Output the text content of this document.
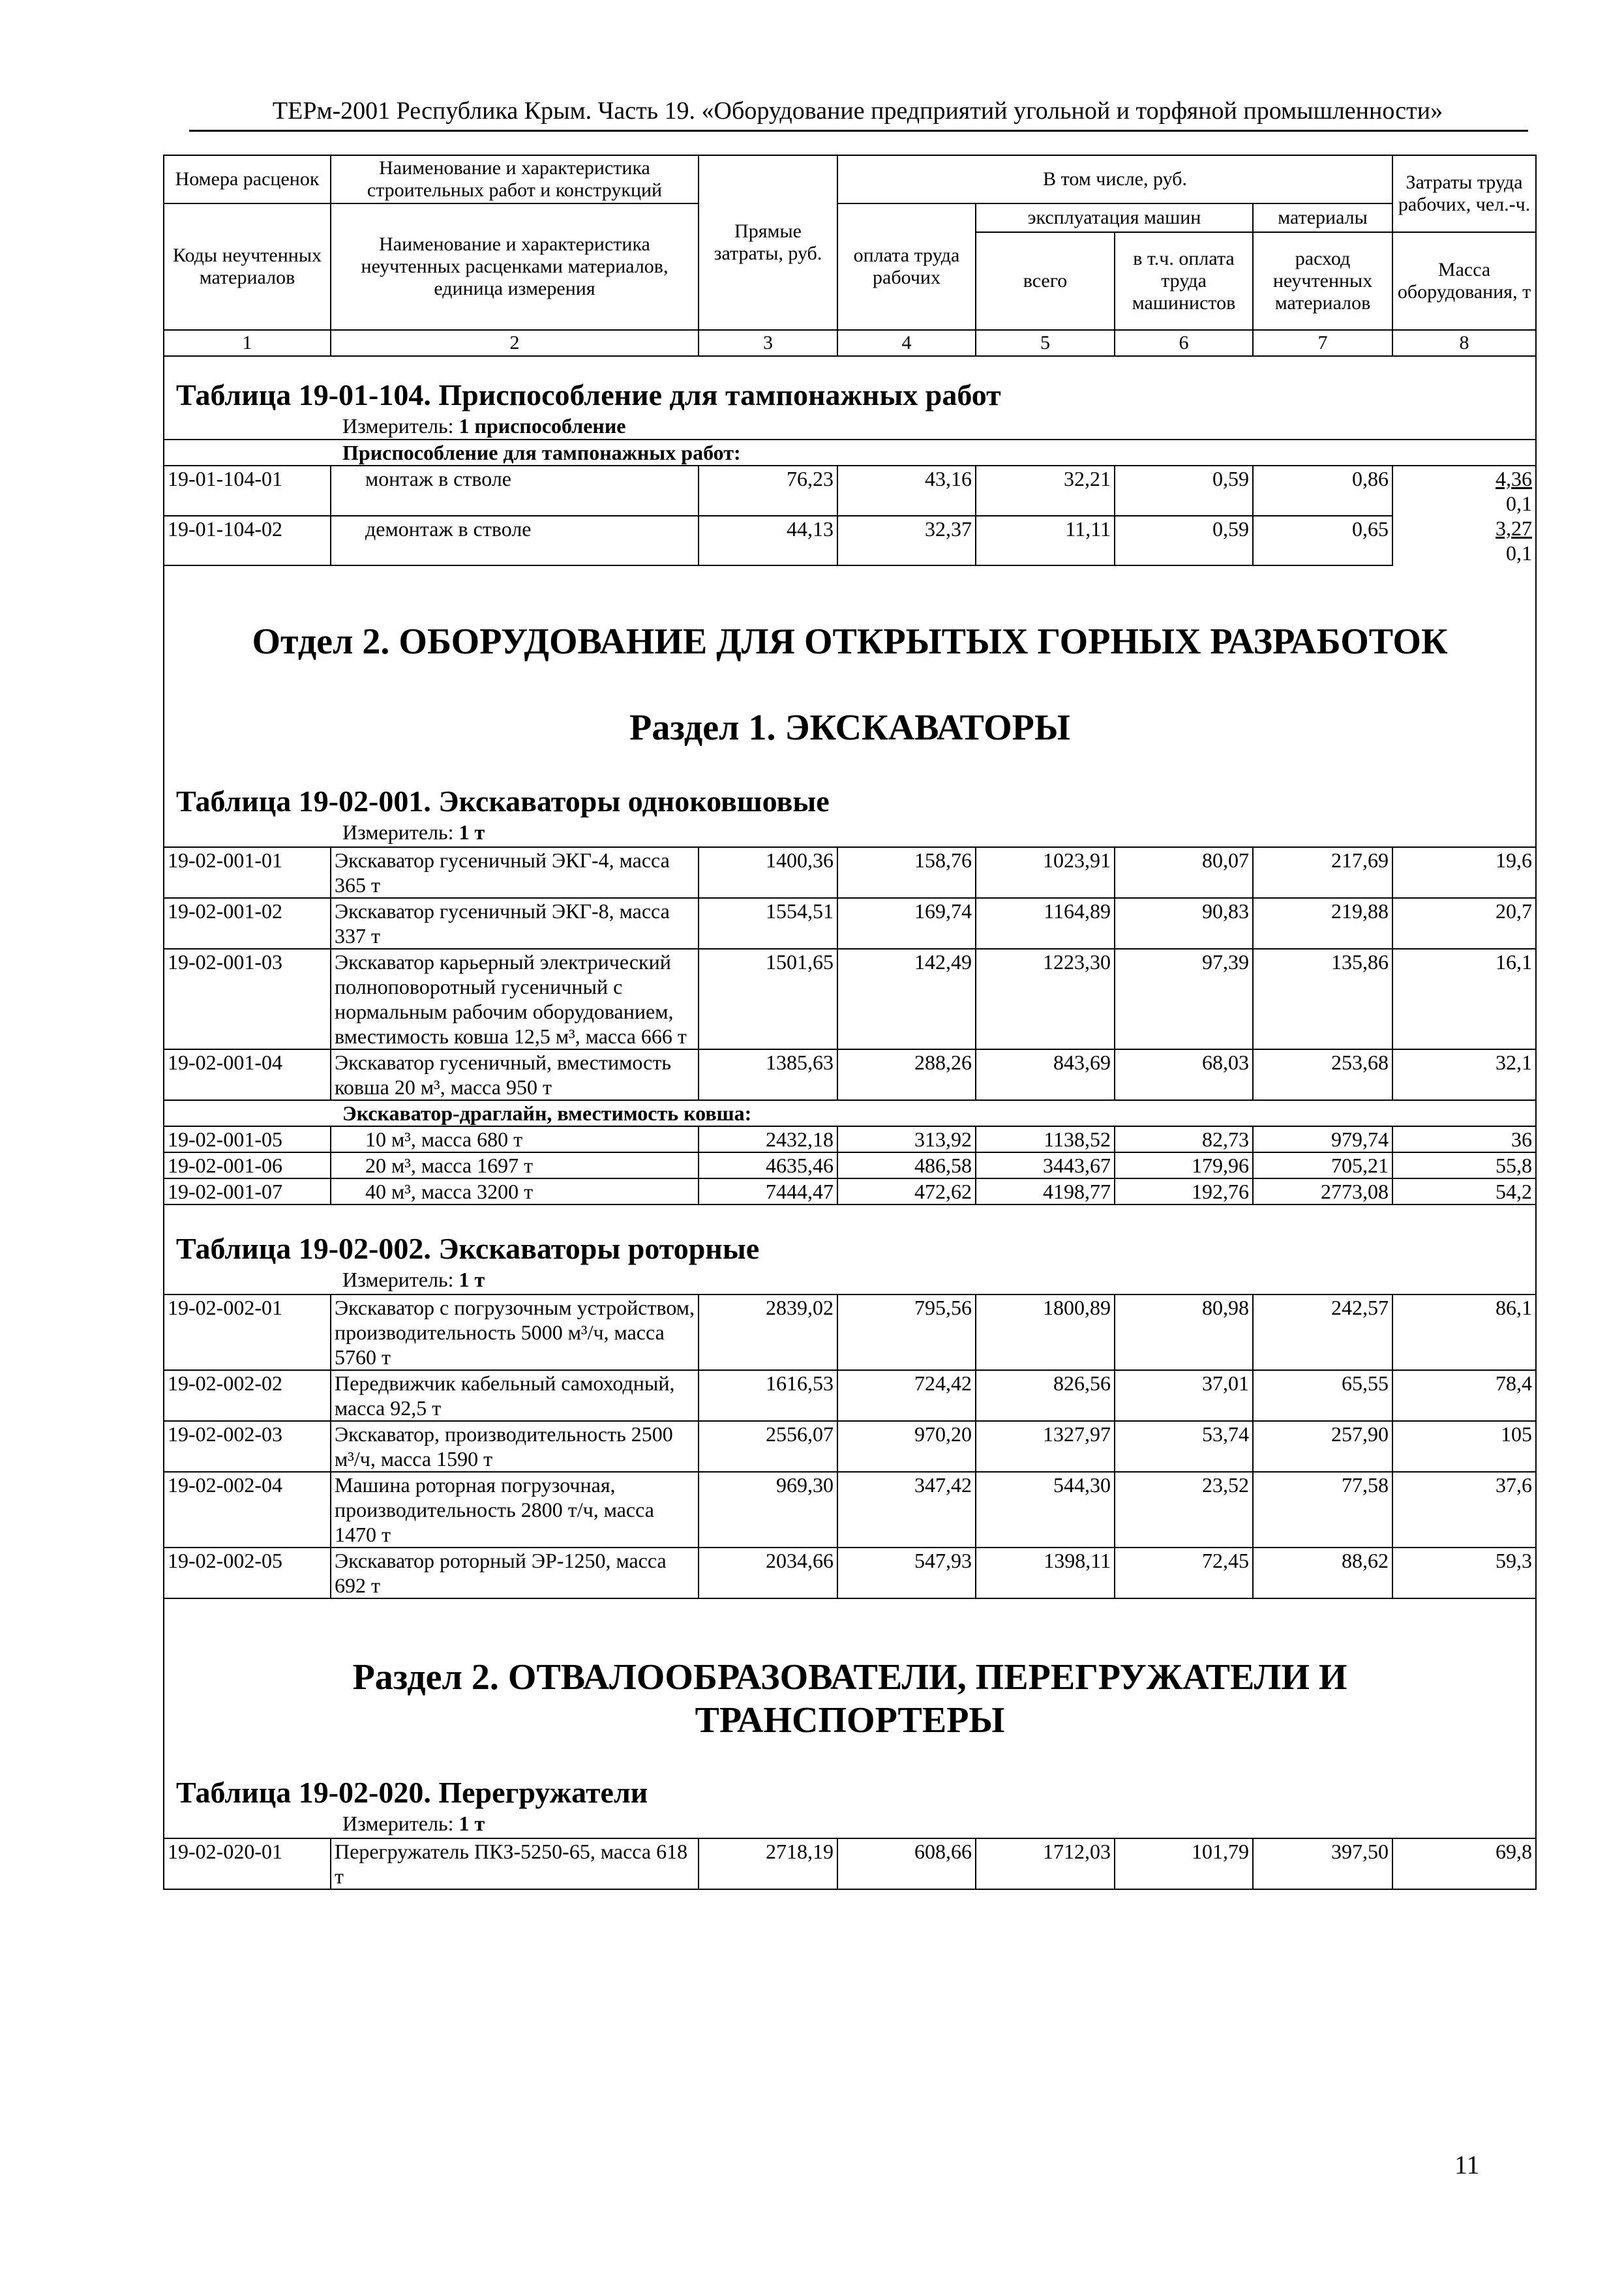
ТЕРм-2001 Республика Крым. Часть 19. «Оборудование предприятий угольной и торфяной промышленности»
Номера расценок	Наименование и характеристика строительных работ и конструкций	Прямые затраты, руб.	В том числе, руб.				Затраты труда рабочих, чел.-ч.
Коды неучтенных материалов	Наименование и характеристика неучтенных расценками материалов, единица измерения		оплата труда рабочих	эксплуатация машин		материалы	
				всего	в т.ч. оплата труда машинистов	расход неучтенных материалов	Масса оборудования, т
1	2	3	4	5	6	7	8
Таблица 19-01-104. Приспособление для тампонажных работ							
Измеритель: 1 приспособление							
Приспособление для тампонажных работ:							
19-01-104-01	монтаж в стволе	76,23	43,16	32,21	0,59	0,86	4,36
							0,1
19-01-104-02	демонтаж в стволе	44,13	32,37	11,11	0,59	0,65	3,27
							0,1
Отдел 2. ОБОРУДОВАНИЕ ДЛЯ ОТКРЫТЫХ ГОРНЫХ РАЗРАБОТОК							
Раздел 1. ЭКСКАВАТОРЫ							
Таблица 19-02-001. Экскаваторы одноковшовые							
Измеритель: 1 т							
19-02-001-01	Экскаватор гусеничный ЭКГ-4, масса 365 т	1400,36	158,76	1023,91	80,07	217,69	19,6
19-02-001-02	Экскаватор гусеничный ЭКГ-8, масса 337 т	1554,51	169,74	1164,89	90,83	219,88	20,7
19-02-001-03	Экскаватор карьерный электрический полноповоротный гусеничный с нормальным рабочим оборудованием, вместимость ковша 12,5 м³, масса 666 т	1501,65	142,49	1223,30	97,39	135,86	16,1
19-02-001-04	Экскаватор гусеничный, вместимость ковша 20 м³, масса 950 т	1385,63	288,26	843,69	68,03	253,68	32,1
Экскаватор-драглайн, вместимость ковша:							
19-02-001-05	10 м³, масса 680 т	2432,18	313,92	1138,52	82,73	979,74	36
19-02-001-06	20 м³, масса 1697 т	4635,46	486,58	3443,67	179,96	705,21	55,8
19-02-001-07	40 м³, масса 3200 т	7444,47	472,62	4198,77	192,76	2773,08	54,2
Таблица 19-02-002. Экскаваторы роторные							
Измеритель: 1 т							
19-02-002-01	Экскаватор с погрузочным устройством, производительность 5000 м³/ч, масса 5760 т	2839,02	795,56	1800,89	80,98	242,57	86,1
19-02-002-02	Передвижчик кабельный самоходный, масса 92,5 т	1616,53	724,42	826,56	37,01	65,55	78,4
19-02-002-03	Экскаватор, производительность 2500 м³/ч, масса 1590 т	2556,07	970,20	1327,97	53,74	257,90	105
19-02-002-04	Машина роторная погрузочная, производительность 2800 т/ч, масса 1470 т	969,30	347,42	544,30	23,52	77,58	37,6
19-02-002-05	Экскаватор роторный ЭР-1250, масса 692 т	2034,66	547,93	1398,11	72,45	88,62	59,3

Раздел 2. ОТВАЛООБРАЗОВАТЕЛИ, ПЕРЕГРУЖАТЕЛИ И
ТРАНСПОРТЕРЫ							

Таблица 19-02-020. Перегружатели							
Измеритель: 1 т							
19-02-020-01	Перегружатель ПКЗ-5250-65, масса 618 т	2718,19	608,66	1712,03	101,79	397,50	69,8
11
